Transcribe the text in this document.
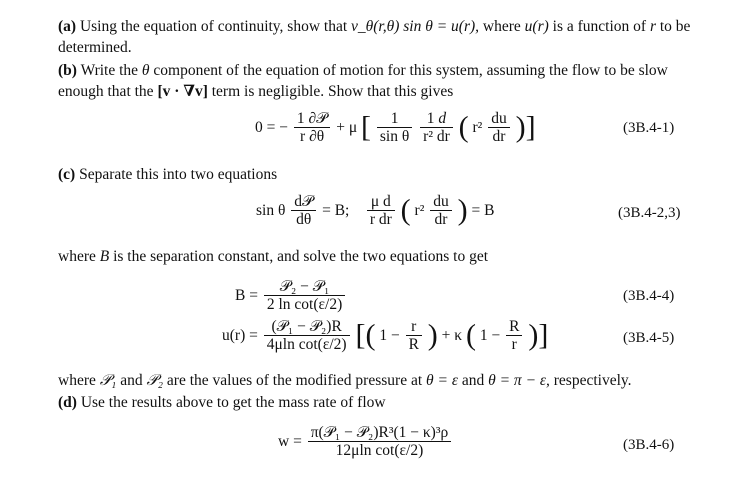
(a) Using the equation of continuity, show that v_θ(r,θ) sin θ = u(r), where u(r) is a function of r to be determined.
(b) Write the θ component of the equation of motion for this system, assuming the flow to be slow enough that the [v · ∇v] term is negligible. Show that this gives
0 = − $\frac{\text{1 ∂𝒫}}{r \partial\theta} + \mu$ [ $\frac{1}{\text{sin θ}}$
$\frac{1 d}{\text{r² dr}}$ ( $r^2 \frac{du}{dr}$ )]	(3B.4-1)
(c) Separate this into two equations
sin θ $\frac{\text{d𝒫}}{d\theta} = B$; $\frac{\text{μ d}}{\text{r dr}}$ ( $r^2 \frac{du}{dr}$ ) = B	(3B.4-2,3)
where B is the separation constant, and solve the two equations to get
$B = \frac{\text{𝒫₂ − 𝒫₁}}{\text{2 ln cot(ε/2)}}$	(3B.4-4)
$u(r) = \frac{\text{(𝒫₁ − 𝒫₂)R}}{\text{4μln cot(ε/2)}}$ [( $1 - \frac{r}{R}$ ) + κ ( $1 - \frac{R}{r}$ )]	(3B.4-5)
where 𝒫₁ and 𝒫₂ are the values of the modified pressure at θ = ε and θ = π − ε, respectively.
(d) Use the results above to get the mass rate of flow
$w = \frac{\text{π(𝒫₁ − 𝒫₂)R³(1 − κ)³ρ}}{\text{12μln cot(ε/2)}}$	(3B.4-6)
